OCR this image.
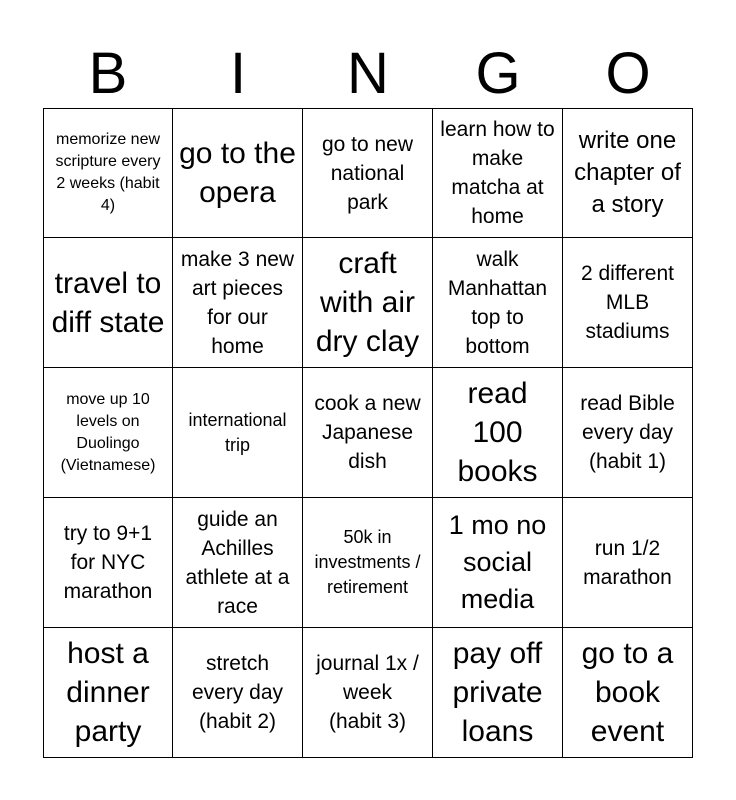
B	I	N	G	O
memorize new scripture every 2 weeks (habit 4)
go to the opera
go to new national park
learn how to make matcha at home
write one chapter of a story
travel to diff state
make 3 new art pieces for our home
craft with air dry clay
walk Manhattan top to bottom
2 different MLB stadiums
move up 10 levels on Duolingo (Vietnamese)
international trip
cook a new Japanese dish
read 100 books
read Bible every day (habit 1)
try to 9+1 for NYC marathon
guide an Achilles athlete at a race
50k in investments / retirement
1 mo no social media
run 1/2 marathon
host a dinner party
stretch every day (habit 2)
journal 1x /
week
(habit 3)
pay off private loans
go to a book event
